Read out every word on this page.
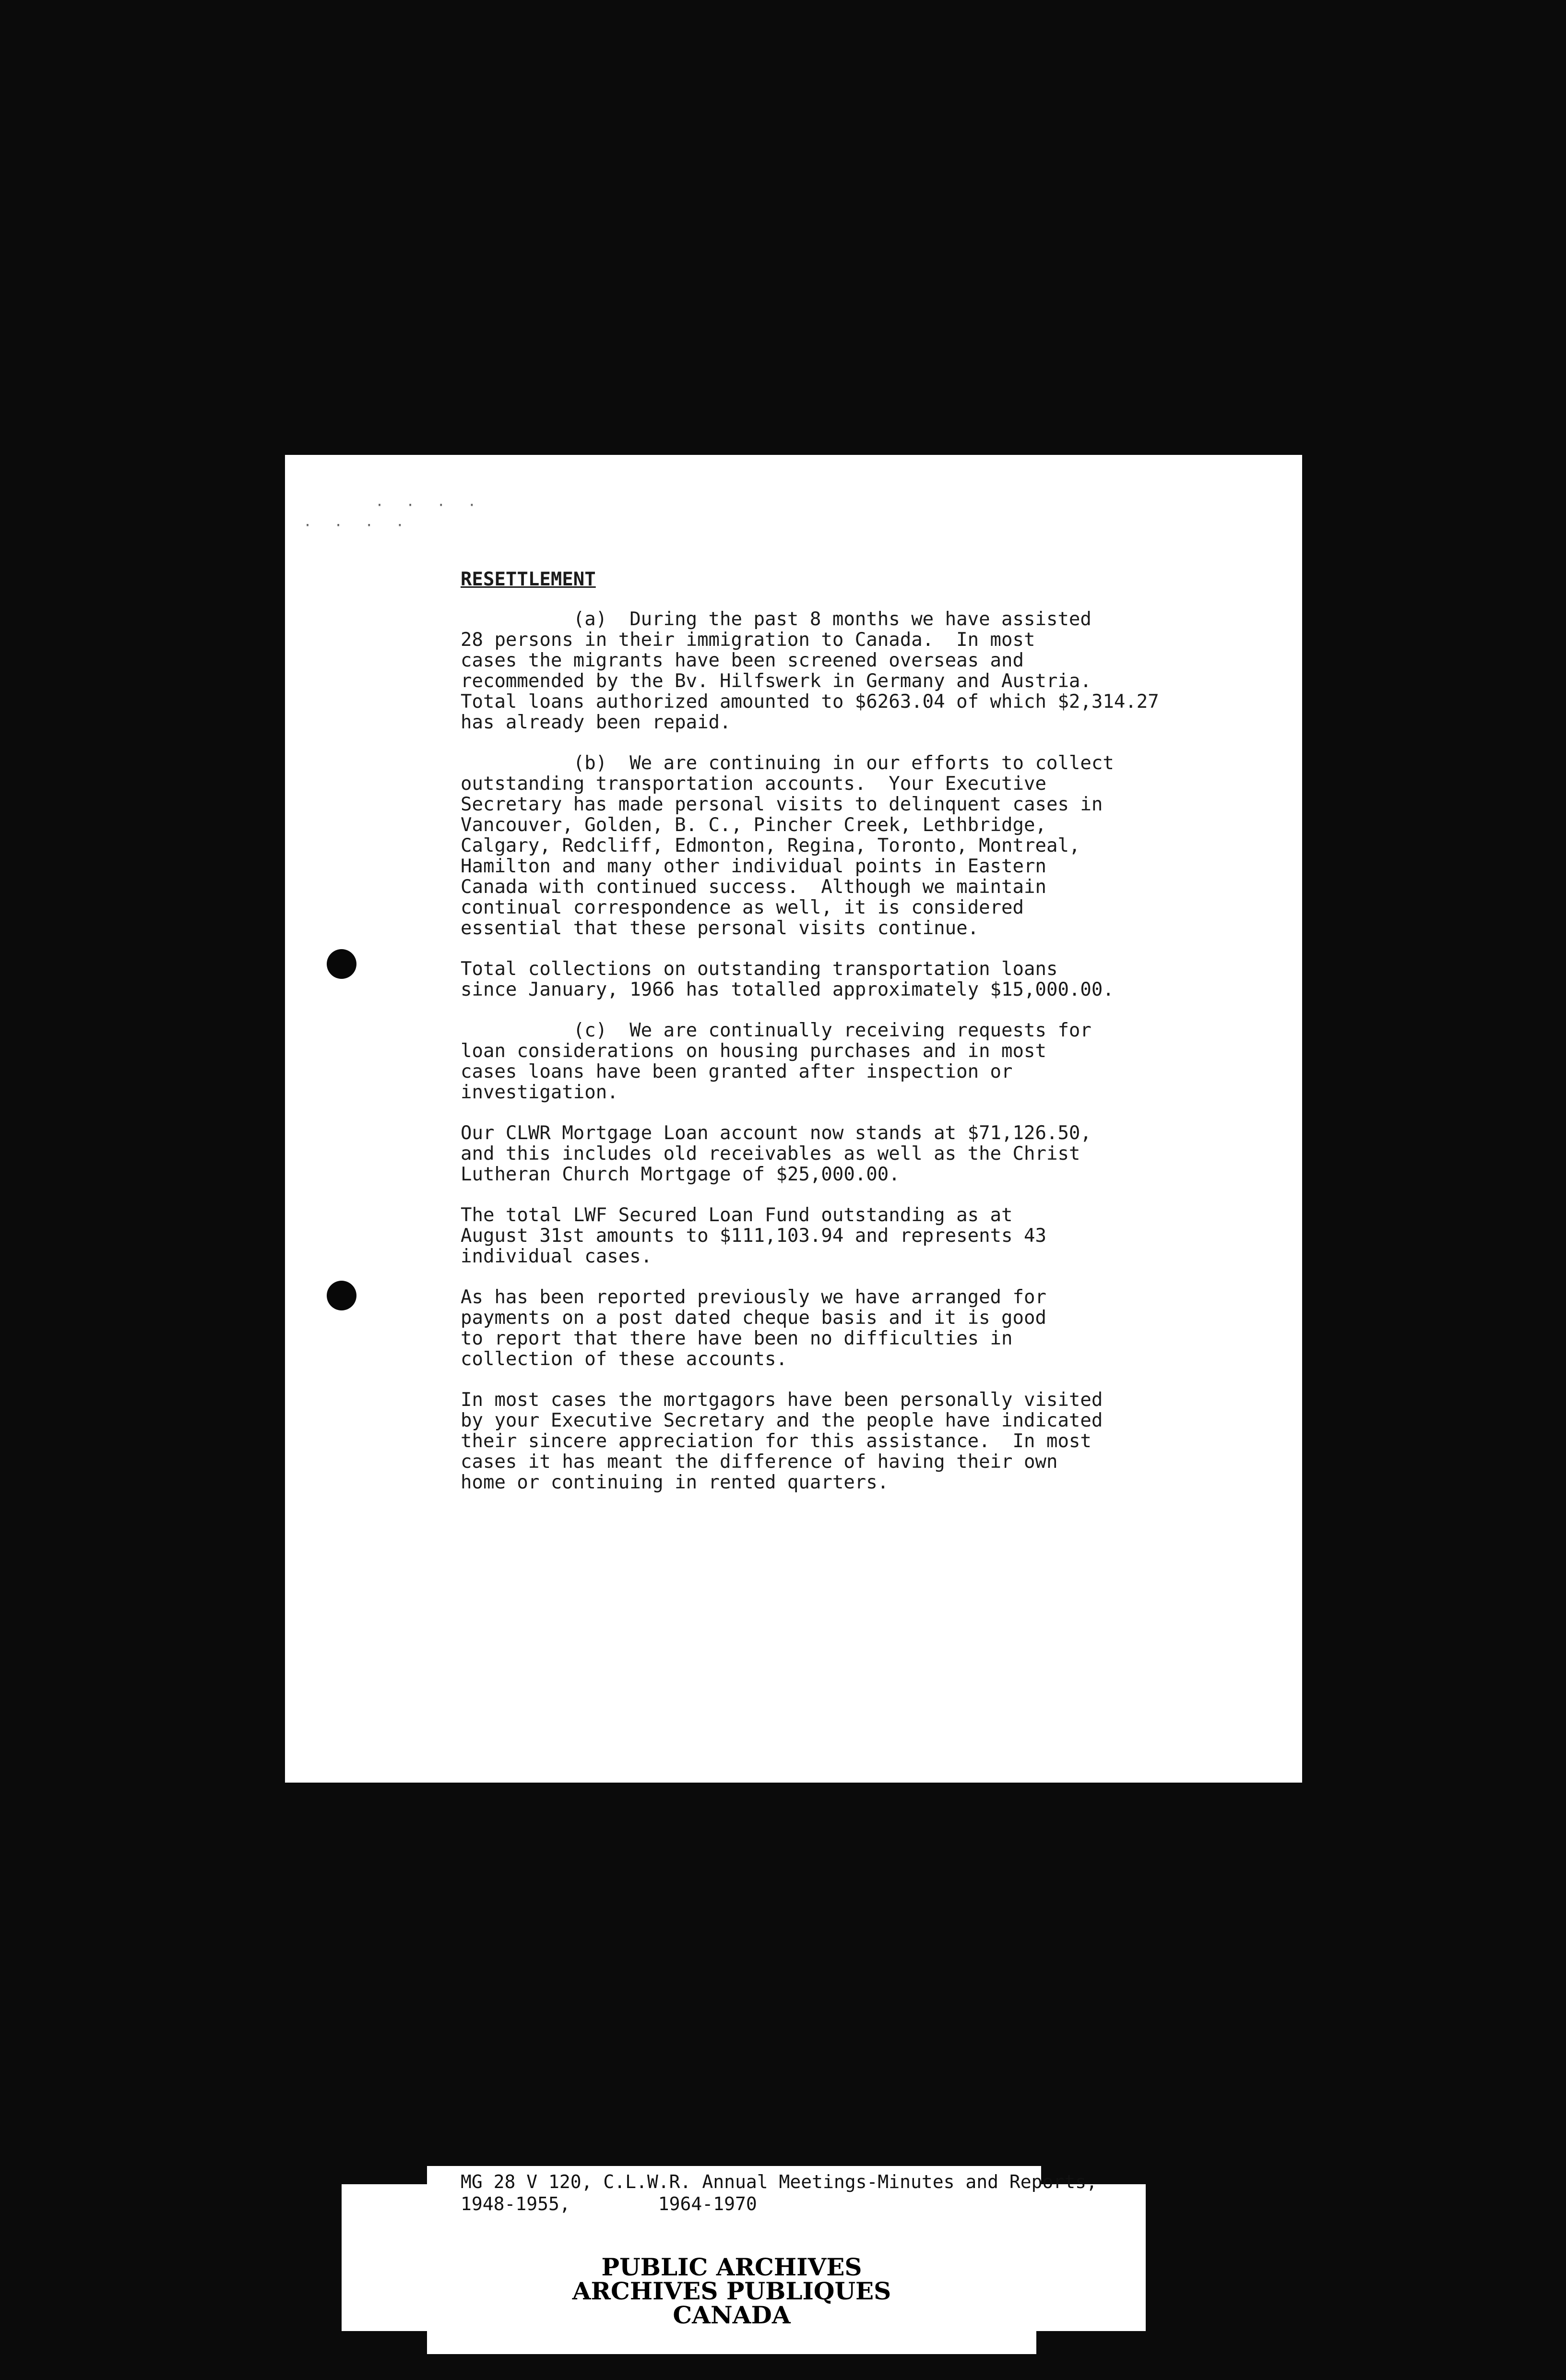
· · · ·
· · · ·
RESETTLEMENT
(a)  During the past 8 months we have assisted
28 persons in their immigration to Canada.  In most
cases the migrants have been screened overseas and
recommended by the Bv. Hilfswerk in Germany and Austria.
Total loans authorized amounted to $6263.04 of which $2,314.27
has already been repaid.
(b)  We are continuing in our efforts to collect
outstanding transportation accounts.  Your Executive
Secretary has made personal visits to delinquent cases in
Vancouver, Golden, B. C., Pincher Creek, Lethbridge,
Calgary, Redcliff, Edmonton, Regina, Toronto, Montreal,
Hamilton and many other individual points in Eastern
Canada with continued success.  Although we maintain
continual correspondence as well, it is considered
essential that these personal visits continue.
Total collections on outstanding transportation loans
since January, 1966 has totalled approximately $15,000.00.
(c)  We are continually receiving requests for
loan considerations on housing purchases and in most
cases loans have been granted after inspection or
investigation.
Our CLWR Mortgage Loan account now stands at $71,126.50,
and this includes old receivables as well as the Christ
Lutheran Church Mortgage of $25,000.00.
The total LWF Secured Loan Fund outstanding as at
August 31st amounts to $111,103.94 and represents 43
individual cases.
As has been reported previously we have arranged for
payments on a post dated cheque basis and it is good
to report that there have been no difficulties in
collection of these accounts.
In most cases the mortgagors have been personally visited
by your Executive Secretary and the people have indicated
their sincere appreciation for this assistance.  In most
cases it has meant the difference of having their own
home or continuing in rented quarters.
MG 28 V 120, C.L.W.R. Annual Meetings-Minutes and Reports,
1948-1955,        1964-1970
PUBLIC ARCHIVES
ARCHIVES PUBLIQUES
CANADA
